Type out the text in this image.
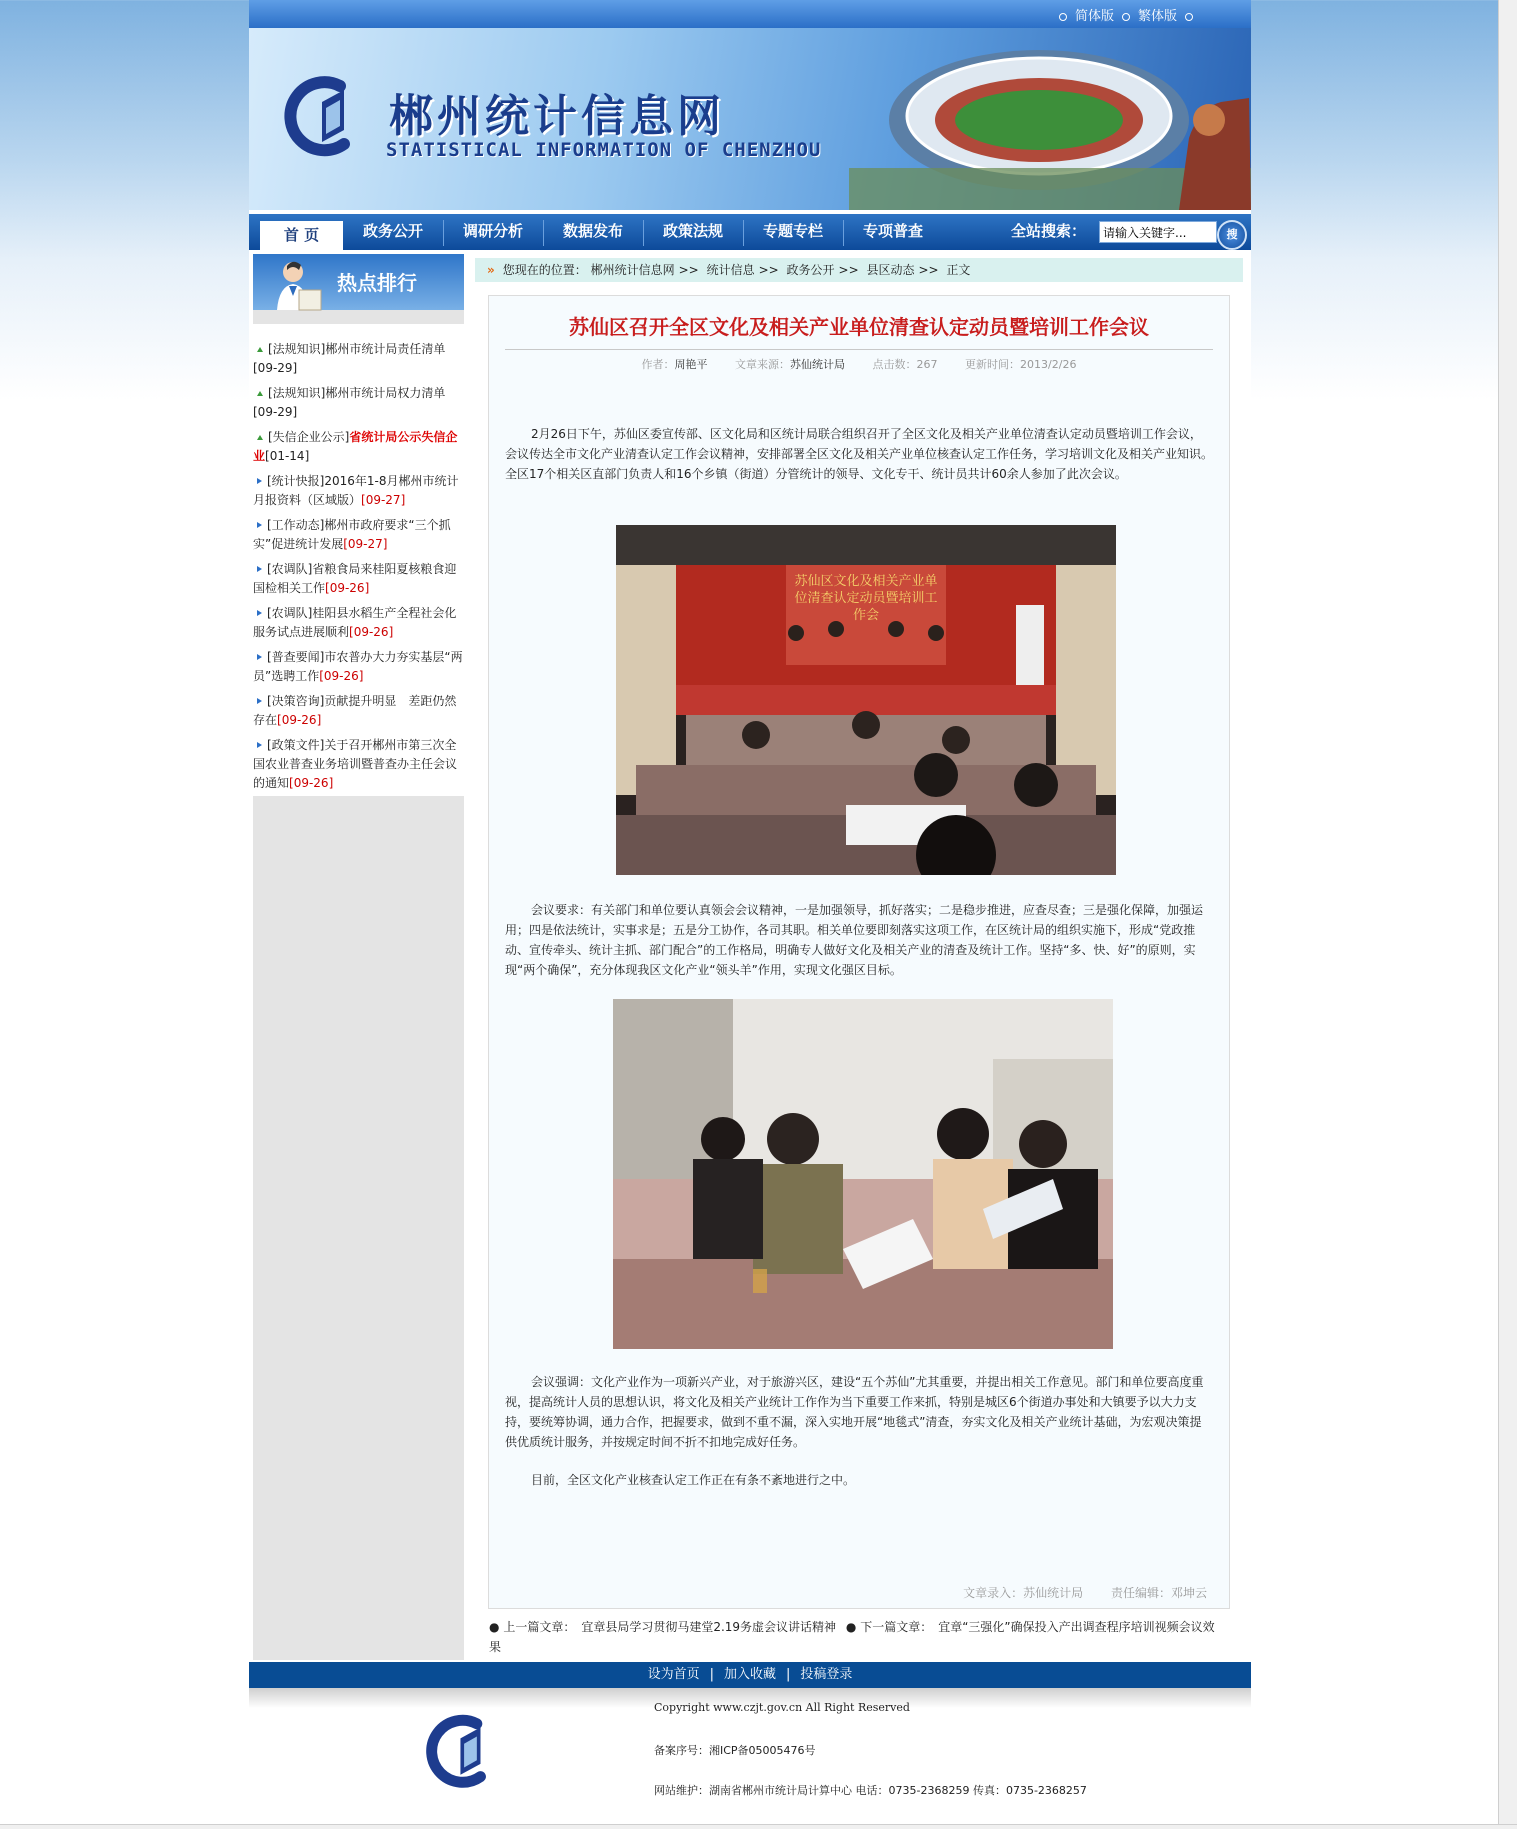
简体版 繁体版
郴州统计信息网
STATISTICAL INFORMATION OF CHENZHOU
首 页	政务公开	调研分析	数据发布	政策法规	专题专栏	专项普查	全站搜索：
请输入关键字...	搜
热点排行
[法规知识]郴州市统计局责任清单
[09-29]
[法规知识]郴州市统计局权力清单
[09-29]
[失信企业公示]省统计局公示失信企业[01-14]
[统计快报]2016年1-8月郴州市统计月报资料（区域版）[09-27]
[工作动态]郴州市政府要求“三个抓实”促进统计发展[09-27]
[农调队]省粮食局来桂阳夏核粮食迎国检相关工作[09-26]
[农调队]桂阳县水稻生产全程社会化服务试点进展顺利[09-26]
[普查要闻]市农普办大力夯实基层“两员”选聘工作[09-26]
[决策咨询]贡献提升明显　差距仍然存在[09-26]
[政策文件]关于召开郴州市第三次全国农业普查业务培训暨普查办主任会议的通知[09-26]
» 您现在的位置： 郴州统计信息网 >> 统计信息 >> 政务公开 >> 县区动态 >> 正文
苏仙区召开全区文化及相关产业单位清查认定动员暨培训工作会议
作者：周艳平	文章来源：苏仙统计局	点击数：267	更新时间：2013/2/26
2月26日下午，苏仙区委宣传部、区文化局和区统计局联合组织召开了全区文化及相关产业单位清查认定动员暨培训工作会议，会议传达全市文化产业清查认定工作会议精神，安排部署全区文化及相关产业单位核查认定工作任务，学习培训文化及相关产业知识。全区17个相关区直部门负责人和16个乡镇（街道）分管统计的领导、文化专干、统计员共计60余人参加了此次会议。
苏仙区文化及相关产业单位清查认定动员暨培训工作会
会议要求：有关部门和单位要认真领会会议精神，一是加强领导，抓好落实；二是稳步推进，应查尽查；三是强化保障，加强运用；四是依法统计，实事求是；五是分工协作，各司其职。相关单位要即刻落实这项工作，在区统计局的组织实施下，形成“党政推动、宣传牵头、统计主抓、部门配合”的工作格局，明确专人做好文化及相关产业的清查及统计工作。坚持“多、快、好”的原则，实现“两个确保”，充分体现我区文化产业“领头羊”作用，实现文化强区目标。
会议强调：文化产业作为一项新兴产业，对于旅游兴区，建设“五个苏仙”尤其重要，并提出相关工作意见。部门和单位要高度重视，提高统计人员的思想认识，将文化及相关产业统计工作作为当下重要工作来抓，特别是城区6个街道办事处和大镇要予以大力支持，要统筹协调，通力合作，把握要求，做到不重不漏，深入实地开展“地毯式”清查，夯实文化及相关产业统计基础，为宏观决策提供优质统计服务，并按规定时间不折不扣地完成好任务。
目前，全区文化产业核查认定工作正在有条不紊地进行之中。
文章录入：苏仙统计局 责任编辑：邓坤云
● 上一篇文章： 宜章县局学习贯彻马建堂2.19务虚会议讲话精神 ● 下一篇文章： 宜章“三强化”确保投入产出调查程序培训视频会议效果
设为首页 | 加入收藏 | 投稿登录
Copyright www.czjt.gov.cn All Right Reserved
备案序号：湘ICP备05005476号
网站维护：湖南省郴州市统计局计算中心 电话：0735-2368259 传真：0735-2368257
